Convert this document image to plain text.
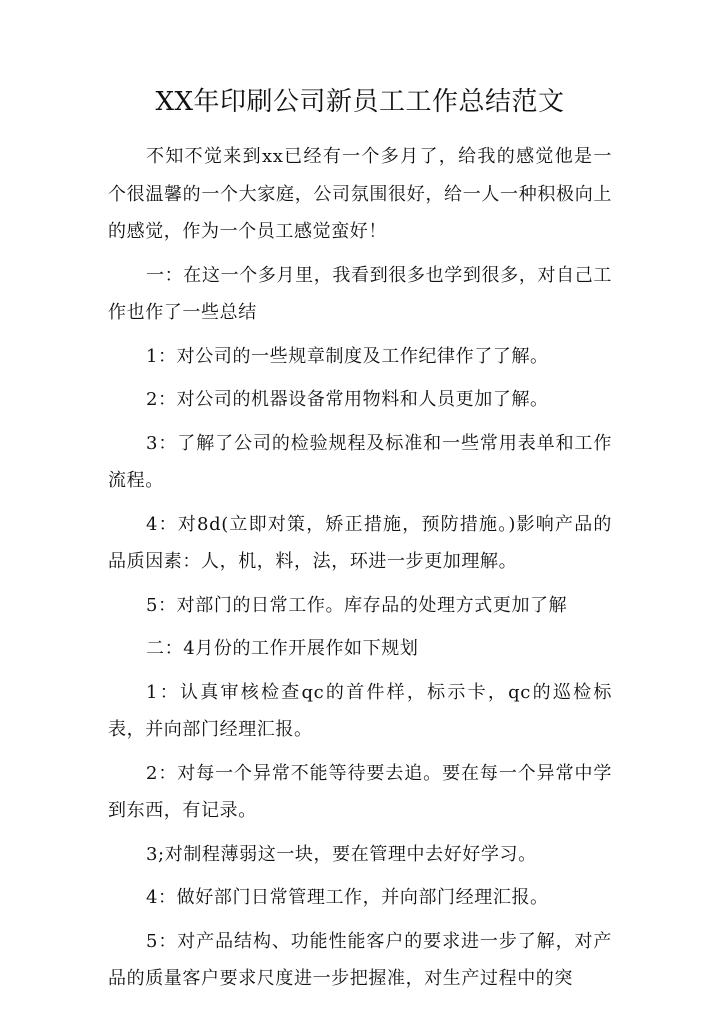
XX年印刷公司新员工工作总结范文

不知不觉来到xx已经有一个多月了，给我的感觉他是一个很温馨的一个大家庭，公司氛围很好，给一人一种积极向上的感觉，作为一个员工感觉蛮好！

一：在这一个多月里，我看到很多也学到很多，对自己工作也作了一些总结

1：对公司的一些规章制度及工作纪律作了了解。

2：对公司的机器设备常用物料和人员更加了解。

3：了解了公司的检验规程及标准和一些常用表单和工作流程。

4：对8d(立即对策，矫正措施，预防措施。)影响产品的品质因素：人，机，料，法，环进一步更加理解。

5：对部门的日常工作。库存品的处理方式更加了解

二：4月份的工作开展作如下规划

1：认真审核检查qc的首件样，标示卡，qc的巡检标表，并向部门经理汇报。

2：对每一个异常不能等待要去追。要在每一个异常中学到东西，有记录。

3;对制程薄弱这一块，要在管理中去好好学习。

4：做好部门日常管理工作，并向部门经理汇报。

5：对产品结构、功能性能客户的要求进一步了解，对产品的质量客户要求尺度进一步把握准，对生产过程中的突
